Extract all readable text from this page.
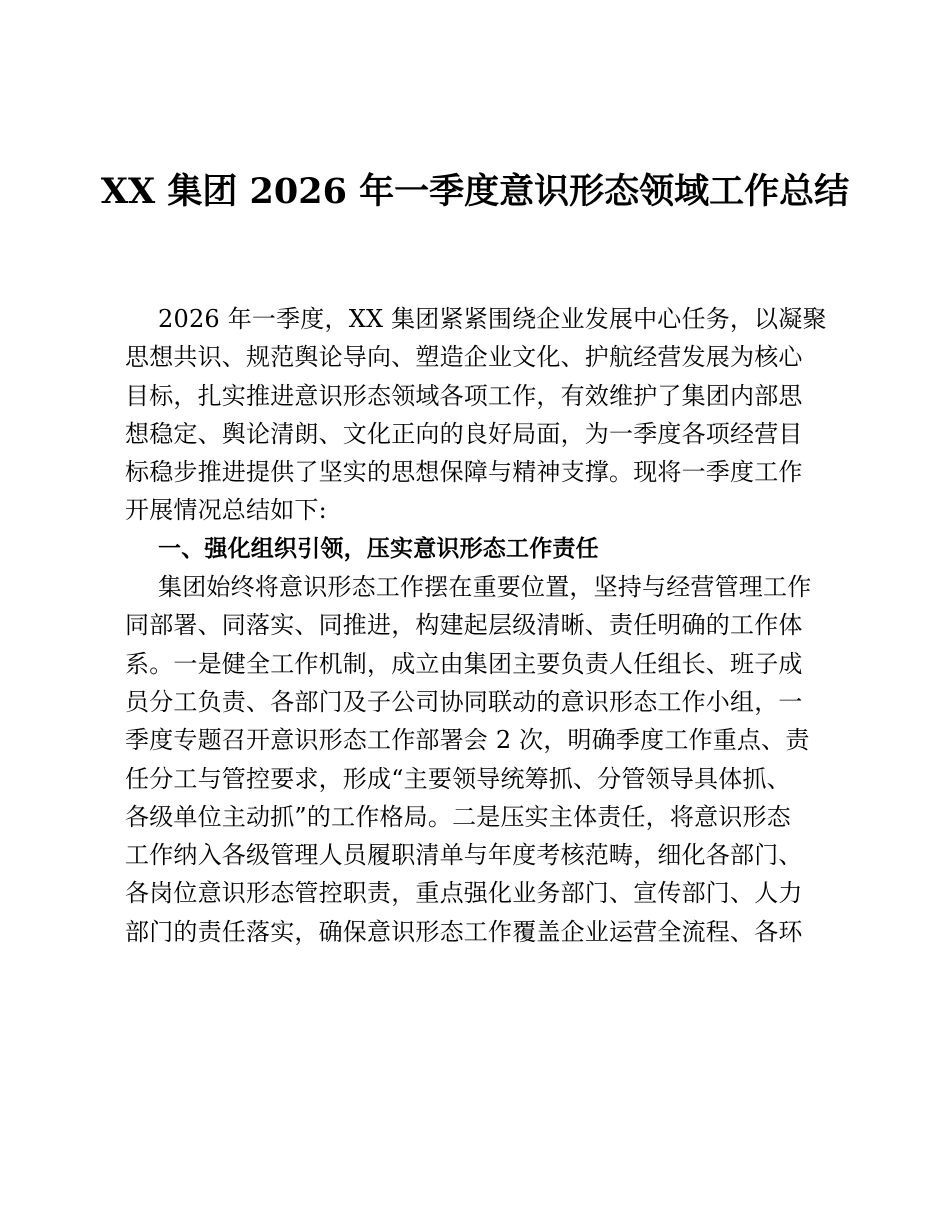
XX 集团 2026 年一季度意识形态领域工作总结
2026 年一季度，XX 集团紧紧围绕企业发展中心任务，以凝聚
思想共识、规范舆论导向、塑造企业文化、护航经营发展为核心
目标，扎实推进意识形态领域各项工作，有效维护了集团内部思
想稳定、舆论清朗、文化正向的良好局面，为一季度各项经营目
标稳步推进提供了坚实的思想保障与精神支撑。现将一季度工作
开展情况总结如下:
一、强化组织引领，压实意识形态工作责任
集团始终将意识形态工作摆在重要位置，坚持与经营管理工作
同部署、同落实、同推进，构建起层级清晰、责任明确的工作体
系。一是健全工作机制，成立由集团主要负责人任组长、班子成
员分工负责、各部门及子公司协同联动的意识形态工作小组，一
季度专题召开意识形态工作部署会 2 次，明确季度工作重点、责
任分工与管控要求，形成“主要领导统筹抓、分管领导具体抓、
各级单位主动抓”的工作格局。二是压实主体责任，将意识形态
工作纳入各级管理人员履职清单与年度考核范畴，细化各部门、
各岗位意识形态管控职责，重点强化业务部门、宣传部门、人力
部门的责任落实，确保意识形态工作覆盖企业运营全流程、各环
